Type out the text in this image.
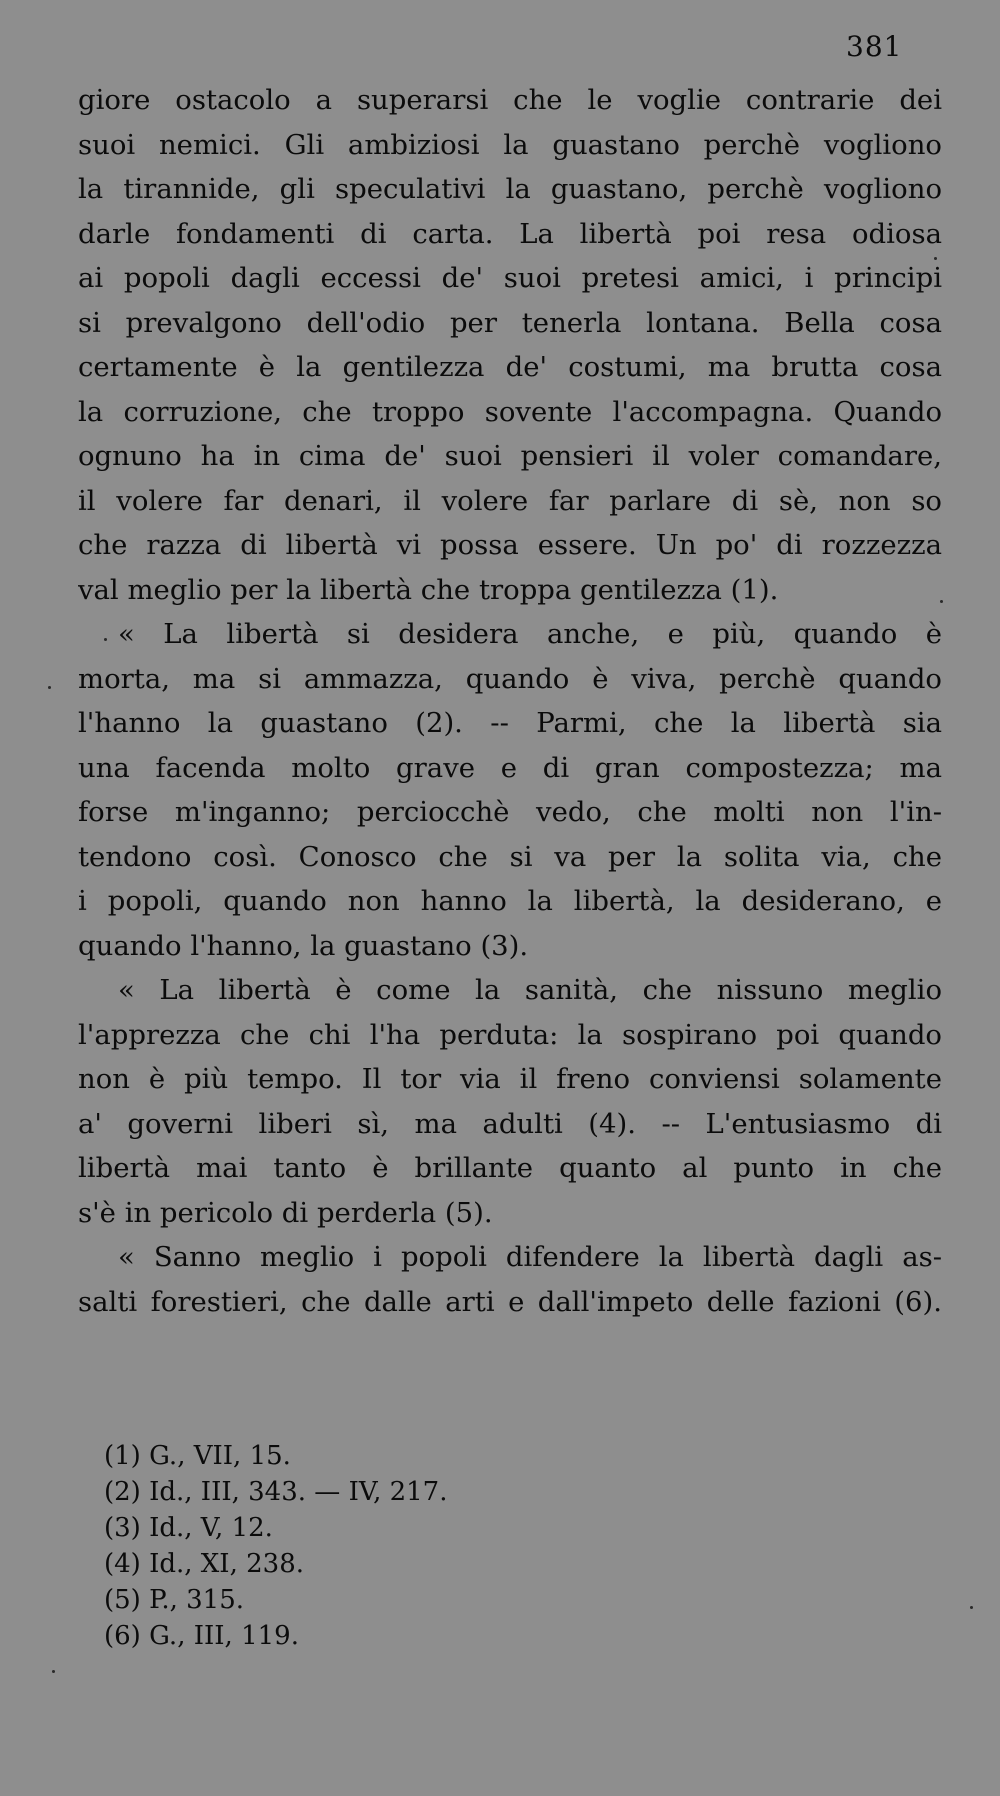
381
giore ostacolo a superarsi che le voglie contrarie dei
suoi nemici. Gli ambiziosi la guastano perchè vogliono
la tirannide, gli speculativi la guastano, perchè vogliono
darle fondamenti di carta. La libertà poi resa odiosa
ai popoli dagli eccessi de' suoi pretesi amici, i principi
si prevalgono dell'odio per tenerla lontana. Bella cosa
certamente è la gentilezza de' costumi, ma brutta cosa
la corruzione, che troppo sovente l'accompagna. Quando
ognuno ha in cima de' suoi pensieri il voler comandare,
il volere far denari, il volere far parlare di sè, non so
che razza di libertà vi possa essere. Un po' di rozzezza
val meglio per la libertà che troppa gentilezza (1).
« La libertà si desidera anche, e più, quando è
morta, ma si ammazza, quando è viva, perchè quando
l'hanno la guastano (2). -- Parmi, che la libertà sia
una facenda molto grave e di gran compostezza; ma
forse m'inganno; perciocchè vedo, che molti non l'in-
tendono così. Conosco che si va per la solita via, che
i popoli, quando non hanno la libertà, la desiderano, e
quando l'hanno, la guastano (3).
« La libertà è come la sanità, che nissuno meglio
l'apprezza che chi l'ha perduta: la sospirano poi quando
non è più tempo. Il tor via il freno conviensi solamente
a' governi liberi sì, ma adulti (4). -- L'entusiasmo di
libertà mai tanto è brillante quanto al punto in che
s'è in pericolo di perderla (5).
« Sanno meglio i popoli difendere la libertà dagli as-
salti forestieri, che dalle arti e dall'impeto delle fazioni (6).
(1) G., VII, 15.
(2) Id., III, 343. — IV, 217.
(3) Id., V, 12.
(4) Id., XI, 238.
(5) P., 315.
(6) G., III, 119.
